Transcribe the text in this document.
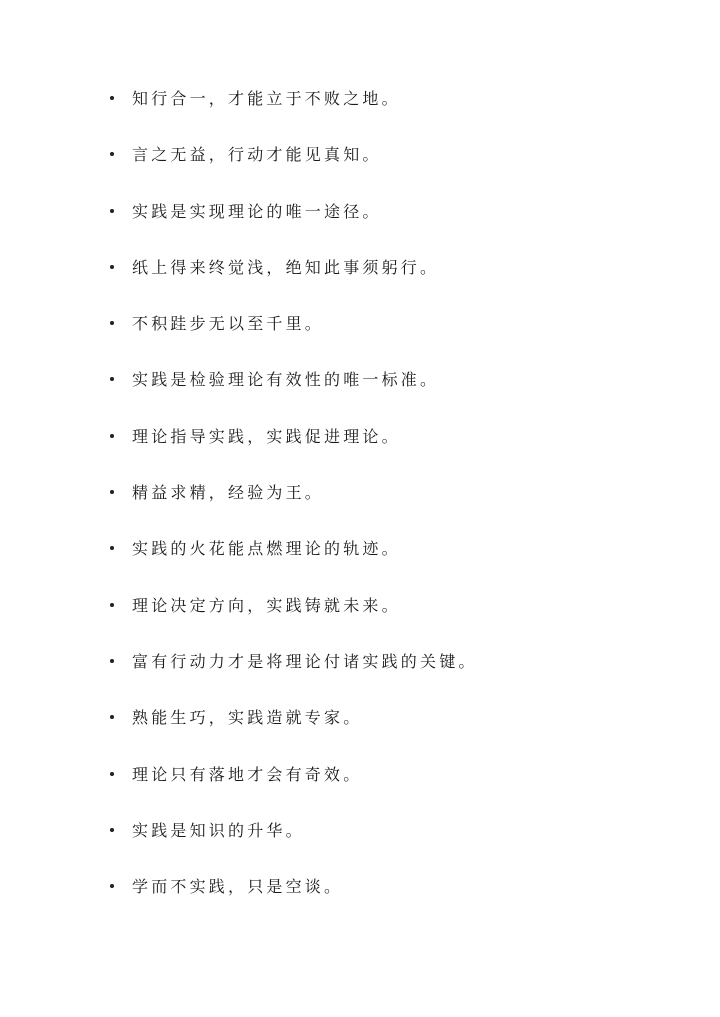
知行合一，才能立于不败之地。
言之无益，行动才能见真知。
实践是实现理论的唯一途径。
纸上得来终觉浅，绝知此事须躬行。
不积跬步无以至千里。
实践是检验理论有效性的唯一标准。
理论指导实践，实践促进理论。
精益求精，经验为王。
实践的火花能点燃理论的轨迹。
理论决定方向，实践铸就未来。
富有行动力才是将理论付诸实践的关键。
熟能生巧，实践造就专家。
理论只有落地才会有奇效。
实践是知识的升华。
学而不实践，只是空谈。
